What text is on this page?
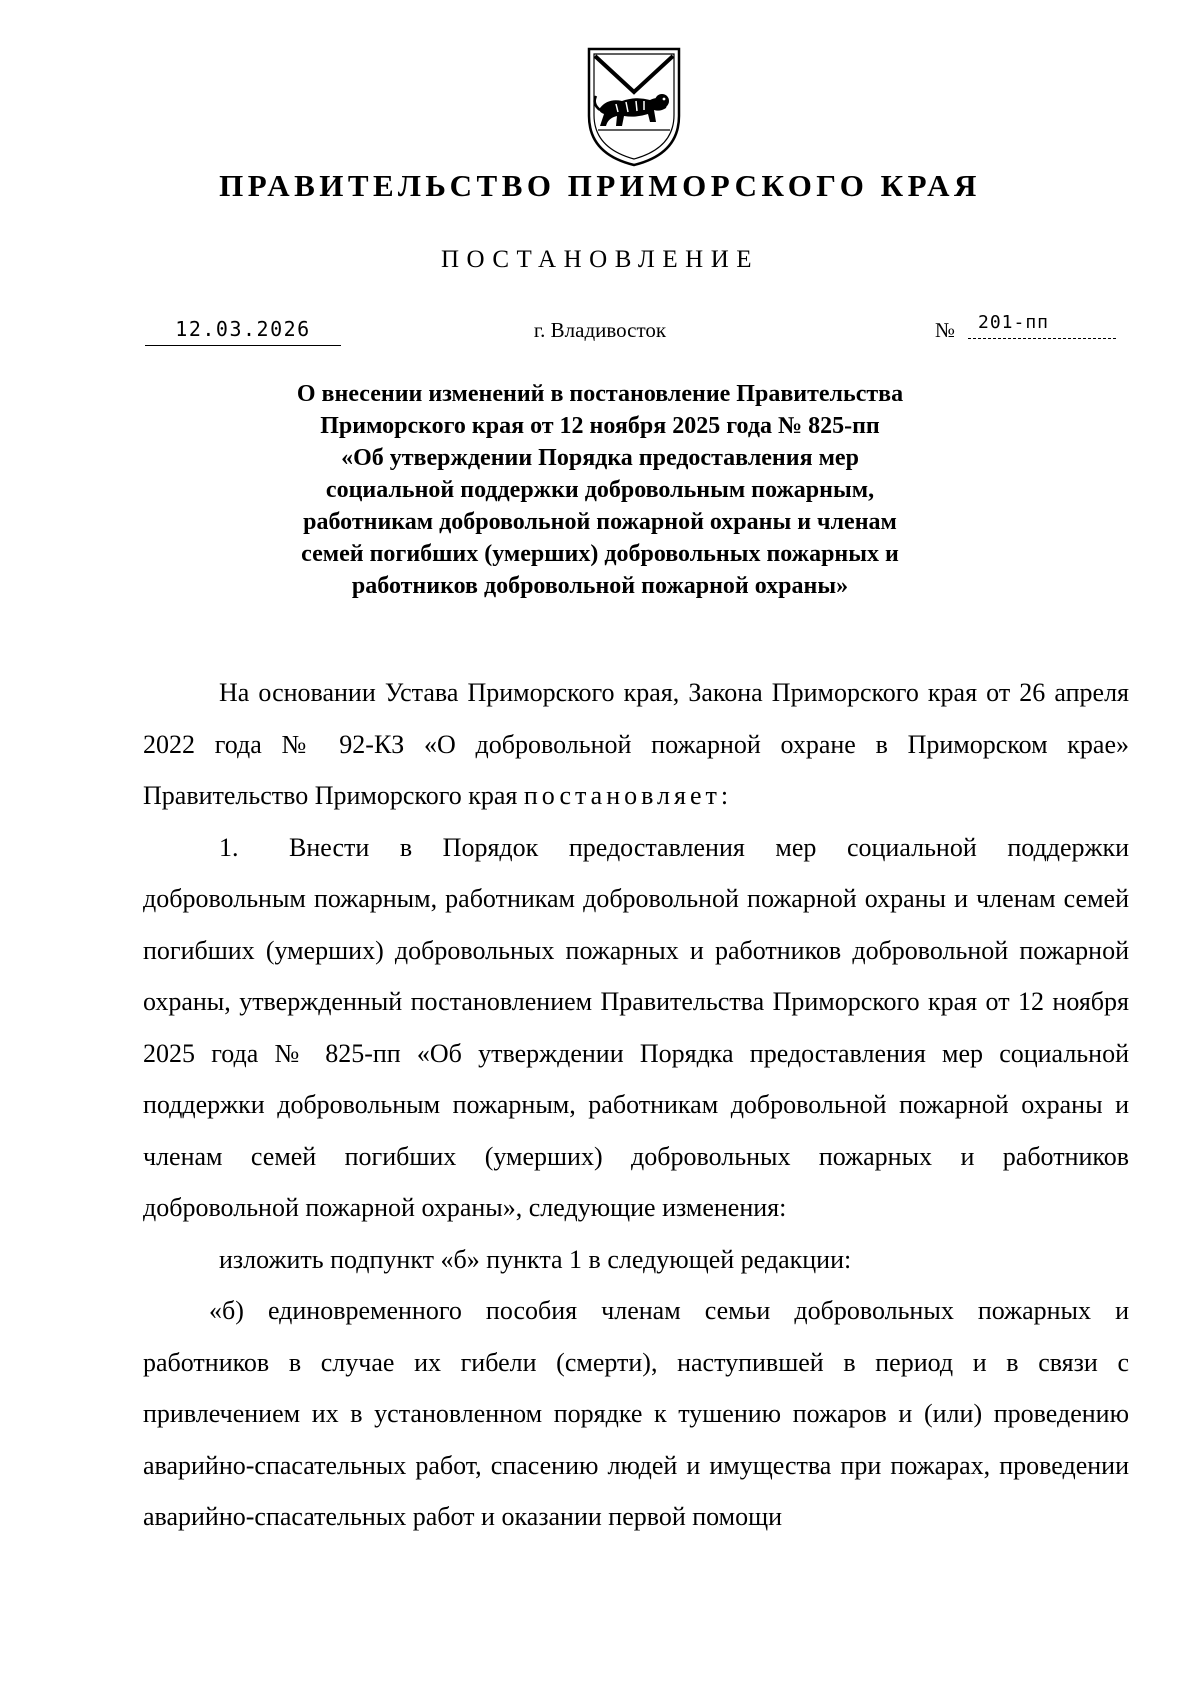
ПРАВИТЕЛЬСТВО ПРИМОРСКОГО КРАЯ
ПОСТАНОВЛЕНИЕ
12.03.2026	г. Владивосток	№	201-пп
О внесении изменений в постановление Правительства
Приморского края от 12 ноября 2025 года № 825-пп
«Об утверждении Порядка предоставления мер
социальной поддержки добровольным пожарным,
работникам добровольной пожарной охраны и членам
семей погибших (умерших) добровольных пожарных и
работников добровольной пожарной охраны»

На основании Устава Приморского края, Закона Приморского края от 26 апреля 2022 года № 92-КЗ «О добровольной пожарной охране в Приморском крае» Правительство Приморского края постановляет:

1. Внести в Порядок предоставления мер социальной поддержки добровольным пожарным, работникам добровольной пожарной охраны и членам семей погибших (умерших) добровольных пожарных и работников добровольной пожарной охраны, утвержденный постановлением Правительства Приморского края от 12 ноября 2025 года № 825-пп «Об утверждении Порядка предоставления мер социальной поддержки добровольным пожарным, работникам добровольной пожарной охраны и членам семей погибших (умерших) добровольных пожарных и работников добровольной пожарной охраны», следующие изменения:

изложить подпункт «б» пункта 1 в следующей редакции:

«б) единовременного пособия членам семьи добровольных пожарных и работников в случае их гибели (смерти), наступившей в период и в связи с привлечением их в установленном порядке к тушению пожаров и (или) проведению аварийно-спасательных работ, спасению людей и имущества при пожарах, проведении аварийно-спасательных работ и оказании первой помощи
